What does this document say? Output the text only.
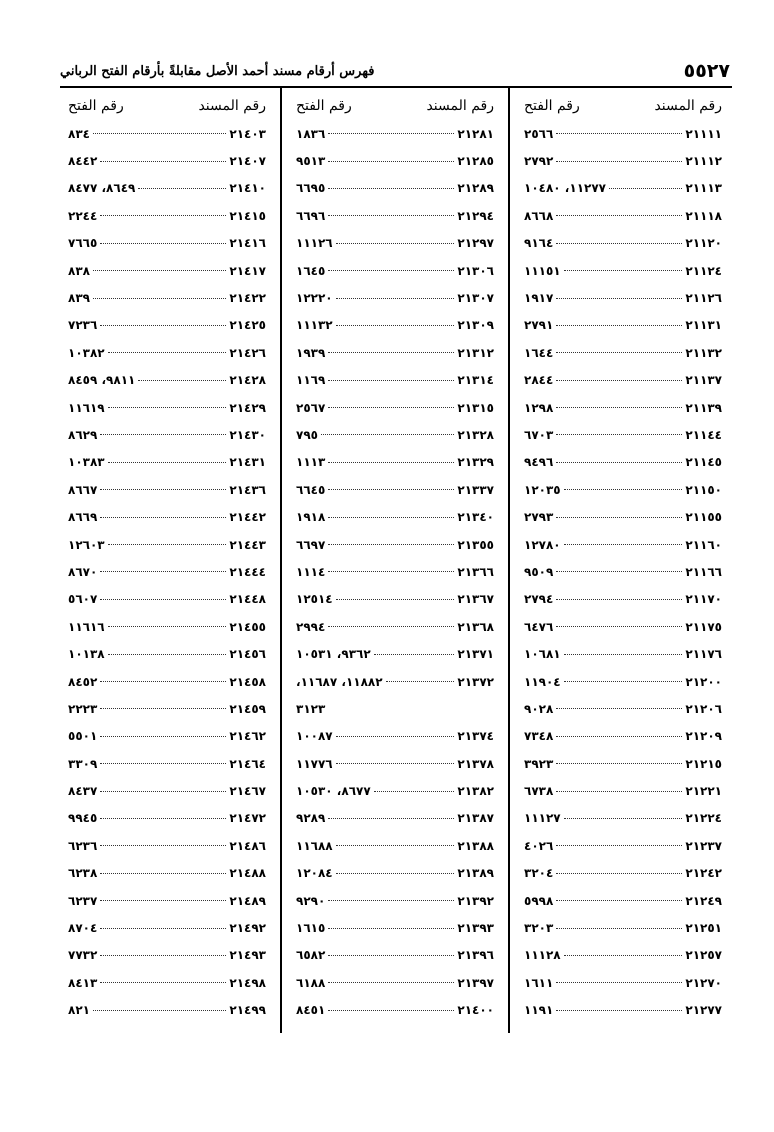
٥٥٢٧
فهرس أرقام مسند أحمد الأصل مقابلةً بأرقام الفتح الرباني
رقم المسند
رقم الفتح
٢١١١١
٢٥٦٦
٢١١١٢
٢٧٩٢
٢١١١٣
١١٢٧٧، ١٠٤٨٠
٢١١١٨
٨٦٦٨
٢١١٢٠
٩١٦٤
٢١١٢٤
١١١٥١
٢١١٢٦
١٩١٧
٢١١٣١
٢٧٩١
٢١١٣٢
١٦٤٤
٢١١٣٧
٢٨٤٤
٢١١٣٩
١٢٩٨
٢١١٤٤
٦٧٠٣
٢١١٤٥
٩٤٩٦
٢١١٥٠
١٢٠٣٥
٢١١٥٥
٢٧٩٣
٢١١٦٠
١٢٧٨٠
٢١١٦٦
٩٥٠٩
٢١١٧٠
٢٧٩٤
٢١١٧٥
٦٤٧٦
٢١١٧٦
١٠٦٨١
٢١٢٠٠
١١٩٠٤
٢١٢٠٦
٩٠٢٨
٢١٢٠٩
٧٣٤٨
٢١٢١٥
٣٩٢٣
٢١٢٢١
٦٧٣٨
٢١٢٢٤
١١١٢٧
٢١٢٣٧
٤٠٢٦
٢١٢٤٢
٣٢٠٤
٢١٢٤٩
٥٩٩٨
٢١٢٥١
٣٢٠٣
٢١٢٥٧
١١١٢٨
٢١٢٧٠
١٦١١
٢١٢٧٧
١١٩١
رقم المسند
رقم الفتح
٢١٢٨١
١٨٣٦
٢١٢٨٥
٩٥١٣
٢١٢٨٩
٦٦٩٥
٢١٢٩٤
٦٦٩٦
٢١٢٩٧
١١١٢٦
٢١٣٠٦
١٦٤٥
٢١٣٠٧
١٢٢٢٠
٢١٣٠٩
١١١٣٢
٢١٣١٢
١٩٣٩
٢١٣١٤
١١٦٩
٢١٣١٥
٢٥٦٧
٢١٣٢٨
٧٩٥
٢١٣٢٩
١١١٣
٢١٣٣٧
٦٦٤٥
٢١٣٤٠
١٩١٨
٢١٣٥٥
٦٦٩٧
٢١٣٦٦
١١١٤
٢١٣٦٧
١٢٥١٤
٢١٣٦٨
٢٩٩٤
٢١٣٧١
٩٣٦٢، ١٠٥٣١
٢١٣٧٢
١١٨٨٢، ١١٦٨٧،
٣١٢٣
٢١٣٧٤
١٠٠٨٧
٢١٣٧٨
١١٧٧٦
٢١٣٨٢
٨٦٧٧، ١٠٥٣٠
٢١٣٨٧
٩٢٨٩
٢١٣٨٨
١١٦٨٨
٢١٣٨٩
١٢٠٨٤
٢١٣٩٢
٩٢٩٠
٢١٣٩٣
١٦١٥
٢١٣٩٦
٦٥٨٢
٢١٣٩٧
٦١٨٨
٢١٤٠٠
٨٤٥١
رقم المسند
رقم الفتح
٢١٤٠٣
٨٣٤
٢١٤٠٧
٨٤٤٢
٢١٤١٠
٨٦٤٩، ٨٤٧٧
٢١٤١٥
٢٢٤٤
٢١٤١٦
٧٦٦٥
٢١٤١٧
٨٣٨
٢١٤٢٢
٨٣٩
٢١٤٢٥
٧٢٣٦
٢١٤٢٦
١٠٣٨٢
٢١٤٢٨
٩٨١١، ٨٤٥٩
٢١٤٢٩
١١٦١٩
٢١٤٣٠
٨٦٢٩
٢١٤٣١
١٠٣٨٣
٢١٤٣٦
٨٦٦٧
٢١٤٤٢
٨٦٦٩
٢١٤٤٣
١٢٦٠٣
٢١٤٤٤
٨٦٧٠
٢١٤٤٨
٥٦٠٧
٢١٤٥٥
١١٦١٦
٢١٤٥٦
١٠١٣٨
٢١٤٥٨
٨٤٥٢
٢١٤٥٩
٢٢٢٣
٢١٤٦٢
٥٥٠١
٢١٤٦٤
٣٣٠٩
٢١٤٦٧
٨٤٣٧
٢١٤٧٢
٩٩٤٥
٢١٤٨٦
٦٢٣٦
٢١٤٨٨
٦٢٣٨
٢١٤٨٩
٦٢٣٧
٢١٤٩٢
٨٧٠٤
٢١٤٩٣
٧٧٣٢
٢١٤٩٨
٨٤١٣
٢١٤٩٩
٨٢١
